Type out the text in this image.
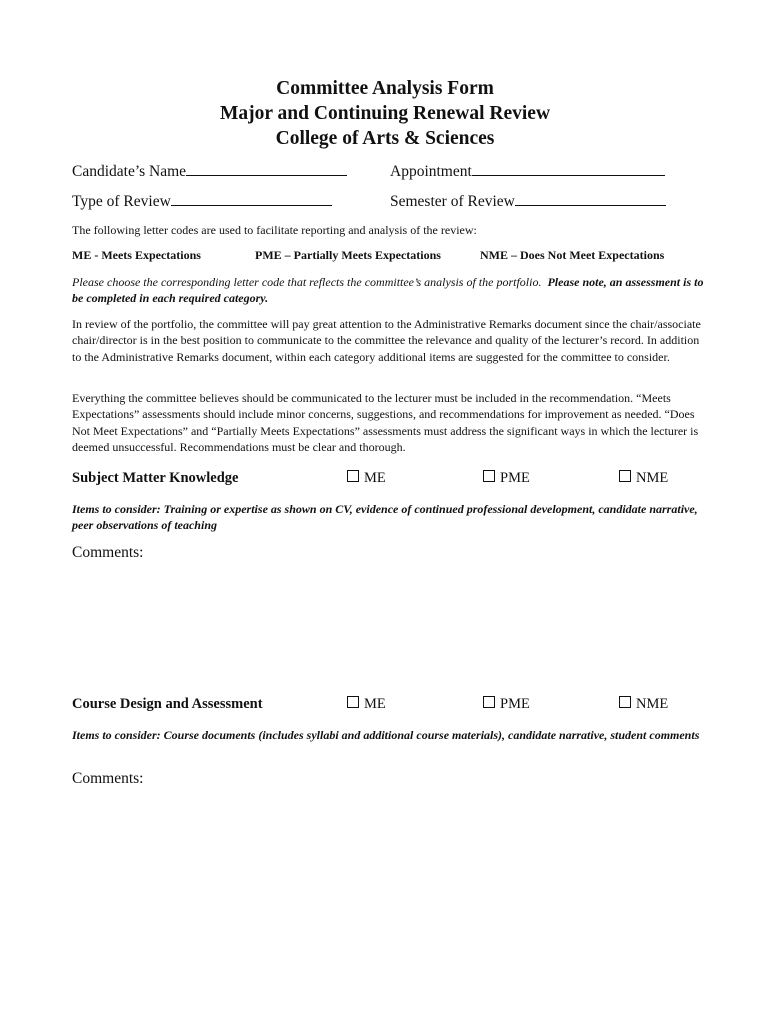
Committee Analysis Form
Major and Continuing Renewal Review
College of Arts & Sciences
Candidate’s Name	Appointment
Type of Review	Semester of Review
The following letter codes are used to facilitate reporting and analysis of the review:
ME - Meets Expectations	PME – Partially Meets Expectations	NME – Does Not Meet Expectations
Please choose the corresponding letter code that reflects the committee’s analysis of the portfolio. Please note, an assessment is to be completed in each required category.
In review of the portfolio, the committee will pay great attention to the Administrative Remarks document since the chair/associate chair/director is in the best position to communicate to the committee the relevance and quality of the lecturer’s record. In addition to the Administrative Remarks document, within each category additional items are suggested for the committee to consider.
Everything the committee believes should be communicated to the lecturer must be included in the recommendation. “Meets Expectations” assessments should include minor concerns, suggestions, and recommendations for improvement as needed. “Does Not Meet Expectations” and “Partially Meets Expectations” assessments must address the significant ways in which the lecturer is deemed unsuccessful. Recommendations must be clear and thorough.
Subject Matter Knowledge	ME	PME	NME
Items to consider: Training or expertise as shown on CV, evidence of continued professional development, candidate narrative, peer observations of teaching
Comments:
Course Design and Assessment	ME	PME	NME
Items to consider: Course documents (includes syllabi and additional course materials), candidate narrative, student comments
Comments:
